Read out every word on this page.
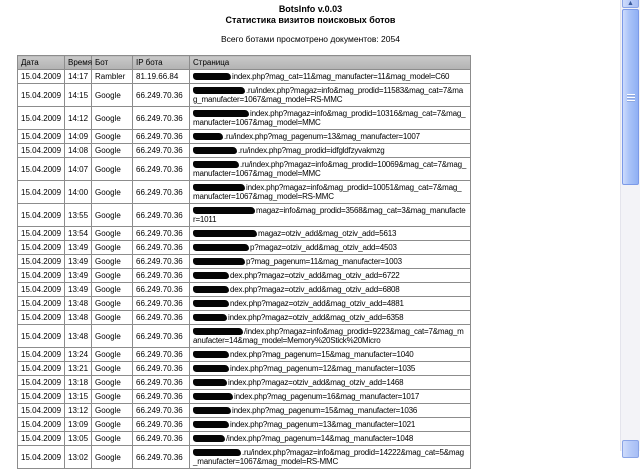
BotsInfo v.0.03
Статистика визитов поисковых ботов
Всего ботами просмотрено документов: 2054
Дата	Время	Бот	IP бота	Страница
15.04.2009	14:17	Rambler	81.19.66.84	index.php?mag_cat=11&mag_manufacter=11&mag_model=C60
15.04.2009	14:15	Google	66.249.70.36	.ru/index.php?magaz=info&mag_prodid=11583&mag_cat=7&mag_manufacter=1067&mag_model=RS-MMC
15.04.2009	14:12	Google	66.249.70.36	index.php?magaz=info&mag_prodid=10316&mag_cat=7&mag_manufacter=1067&mag_model=MMC
15.04.2009	14:09	Google	66.249.70.36	.ru/index.php?mag_pagenum=13&mag_manufacter=1007
15.04.2009	14:08	Google	66.249.70.36	.ru/index.php?mag_prodid=idfgldfzyvakmzg
15.04.2009	14:07	Google	66.249.70.36	.ru/index.php?magaz=info&mag_prodid=10069&mag_cat=7&mag_manufacter=1067&mag_model=MMC
15.04.2009	14:00	Google	66.249.70.36	index.php?magaz=info&mag_prodid=10051&mag_cat=7&mag_manufacter=1067&mag_model=RS-MMC
15.04.2009	13:55	Google	66.249.70.36	magaz=info&mag_prodid=3568&mag_cat=3&mag_manufacter=1011
15.04.2009	13:54	Google	66.249.70.36	magaz=otziv_add&mag_otziv_add=5613
15.04.2009	13:49	Google	66.249.70.36	p?magaz=otziv_add&mag_otziv_add=4503
15.04.2009	13:49	Google	66.249.70.36	p?mag_pagenum=11&mag_manufacter=1003
15.04.2009	13:49	Google	66.249.70.36	dex.php?magaz=otziv_add&mag_otziv_add=6722
15.04.2009	13:49	Google	66.249.70.36	dex.php?magaz=otziv_add&mag_otziv_add=6808
15.04.2009	13:48	Google	66.249.70.36	ndex.php?magaz=otziv_add&mag_otziv_add=4881
15.04.2009	13:48	Google	66.249.70.36	index.php?magaz=otziv_add&mag_otziv_add=6358
15.04.2009	13:48	Google	66.249.70.36	/index.php?magaz=info&mag_prodid=9223&mag_cat=7&mag_manufacter=14&mag_model=Memory%20Stick%20Micro
15.04.2009	13:24	Google	66.249.70.36	ndex.php?mag_pagenum=15&mag_manufacter=1040
15.04.2009	13:21	Google	66.249.70.36	index.php?mag_pagenum=12&mag_manufacter=1035
15.04.2009	13:18	Google	66.249.70.36	index.php?magaz=otziv_add&mag_otziv_add=1468
15.04.2009	13:15	Google	66.249.70.36	index.php?mag_pagenum=16&mag_manufacter=1017
15.04.2009	13:12	Google	66.249.70.36	index.php?mag_pagenum=15&mag_manufacter=1036
15.04.2009	13:09	Google	66.249.70.36	index.php?mag_pagenum=13&mag_manufacter=1021
15.04.2009	13:05	Google	66.249.70.36	/index.php?mag_pagenum=14&mag_manufacter=1048
15.04.2009	13:02	Google	66.249.70.36	.ru/index.php?magaz=info&mag_prodid=14222&mag_cat=5&mag_manufacter=1067&mag_model=RS-MMC
▲
